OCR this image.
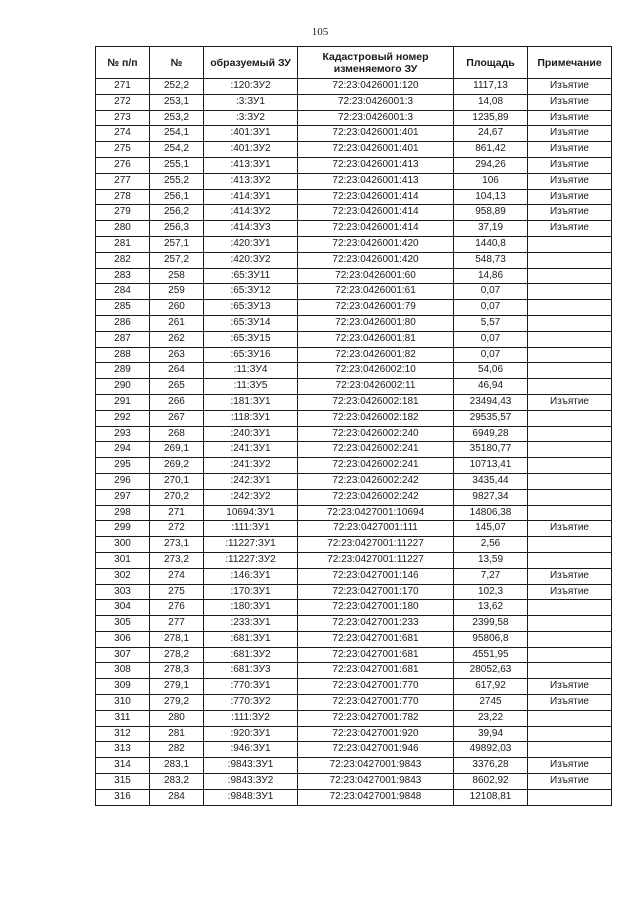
105
№ п/п	№	образуемый ЗУ	Кадастровый номер изменяемого ЗУ	Площадь	Примечание
271	252,2	:120:ЗУ2	72:23:0426001:120	1117,13	Изъятие
272	253,1	:3:ЗУ1	72:23:0426001:3	14,08	Изъятие
273	253,2	:3:ЗУ2	72:23:0426001:3	1235,89	Изъятие
274	254,1	:401:ЗУ1	72:23:0426001:401	24,67	Изъятие
275	254,2	:401:ЗУ2	72:23:0426001:401	861,42	Изъятие
276	255,1	:413:ЗУ1	72:23:0426001:413	294,26	Изъятие
277	255,2	:413:ЗУ2	72:23:0426001:413	106	Изъятие
278	256,1	:414:ЗУ1	72:23:0426001:414	104,13	Изъятие
279	256,2	:414:ЗУ2	72:23:0426001:414	958,89	Изъятие
280	256,3	:414:ЗУ3	72:23:0426001:414	37,19	Изъятие
281	257,1	:420:ЗУ1	72:23:0426001:420	1440,8	
282	257,2	:420:ЗУ2	72:23:0426001:420	548,73	
283	258	:65:ЗУ11	72:23:0426001:60	14,86	
284	259	:65:ЗУ12	72:23:0426001:61	0,07	
285	260	:65:ЗУ13	72:23:0426001:79	0,07	
286	261	:65:ЗУ14	72:23:0426001:80	5,57	
287	262	:65:ЗУ15	72:23:0426001:81	0,07	
288	263	:65:ЗУ16	72:23:0426001:82	0,07	
289	264	:11:ЗУ4	72:23:0426002:10	54,06	
290	265	:11:ЗУ5	72:23:0426002:11	46,94	
291	266	:181:ЗУ1	72:23:0426002:181	23494,43	Изъятие
292	267	:118:ЗУ1	72:23:0426002:182	29535,57	
293	268	:240:ЗУ1	72:23:0426002:240	6949,28	
294	269,1	:241:ЗУ1	72:23:0426002:241	35180,77	
295	269,2	:241:ЗУ2	72:23:0426002:241	10713,41	
296	270,1	:242:ЗУ1	72:23:0426002:242	3435,44	
297	270,2	:242:ЗУ2	72:23:0426002:242	9827,34	
298	271	10694:ЗУ1	72:23:0427001:10694	14806,38	
299	272	:111:ЗУ1	72:23:0427001:111	145,07	Изъятие
300	273,1	:11227:ЗУ1	72:23:0427001:11227	2,56	
301	273,2	:11227:ЗУ2	72:23:0427001:11227	13,59	
302	274	:146:ЗУ1	72:23:0427001:146	7,27	Изъятие
303	275	:170:ЗУ1	72:23:0427001:170	102,3	Изъятие
304	276	:180:ЗУ1	72:23:0427001:180	13,62	
305	277	:233:ЗУ1	72:23:0427001:233	2399,58	
306	278,1	:681:ЗУ1	72:23:0427001:681	95806,8	
307	278,2	:681:ЗУ2	72:23:0427001:681	4551,95	
308	278,3	:681:ЗУ3	72:23:0427001:681	28052,63	
309	279,1	:770:ЗУ1	72:23:0427001:770	617,92	Изъятие
310	279,2	:770:ЗУ2	72:23:0427001:770	2745	Изъятие
311	280	:111:ЗУ2	72:23:0427001:782	23,22	
312	281	:920:ЗУ1	72:23:0427001:920	39,94	
313	282	:946:ЗУ1	72:23:0427001:946	49892,03	
314	283,1	:9843:ЗУ1	72:23:0427001:9843	3376,28	Изъятие
315	283,2	:9843:ЗУ2	72:23:0427001:9843	8602,92	Изъятие
316	284	:9848:ЗУ1	72:23:0427001:9848	12108,81	
